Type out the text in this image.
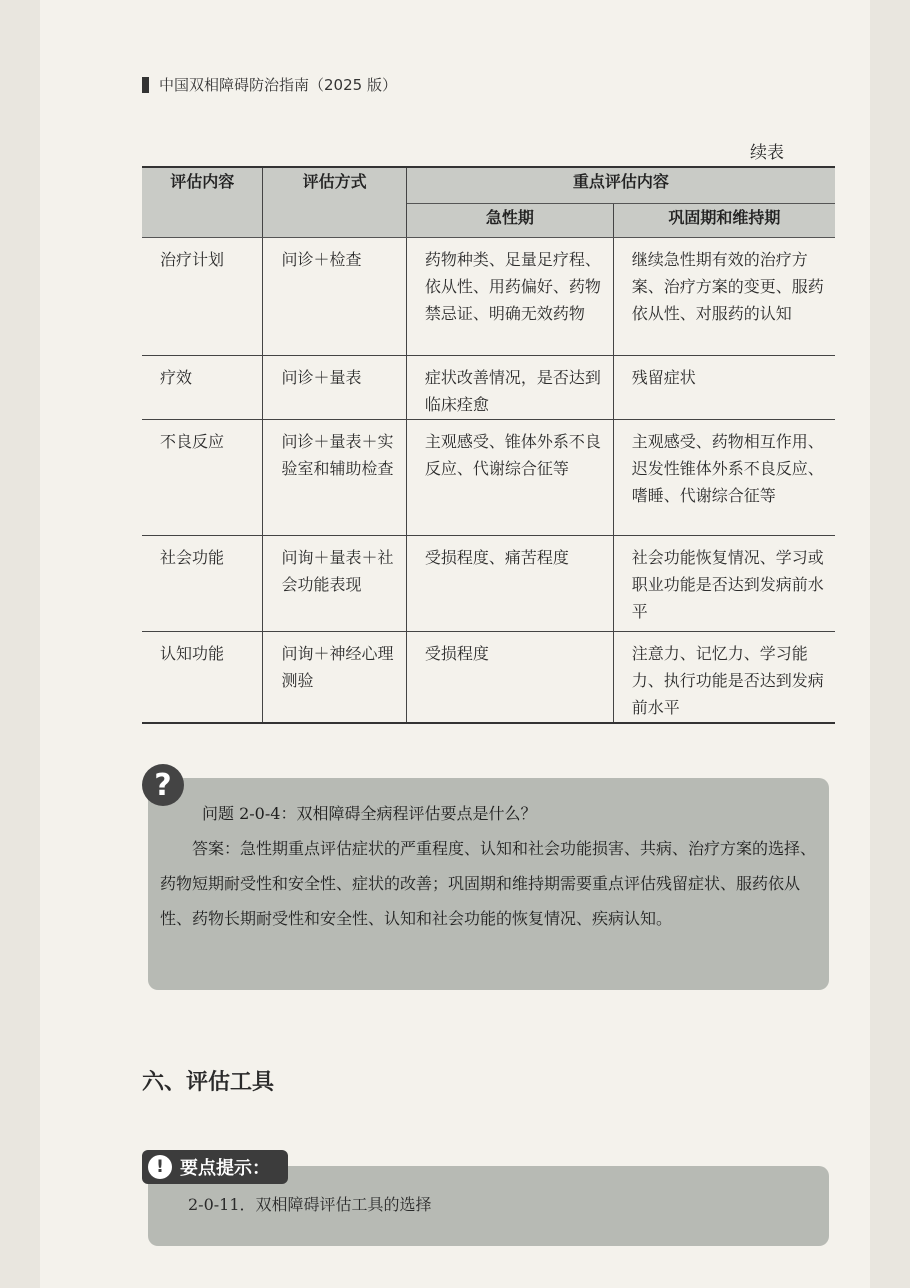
中国双相障碍防治指南（2025 版）
续表
评估内容	评估方式	重点评估内容	
		急性期	巩固期和维持期
治疗计划	问诊＋检查	药物种类、足量足疗程、依从性、用药偏好、药物禁忌证、明确无效药物	继续急性期有效的治疗方案、治疗方案的变更、服药依从性、对服药的认知
疗效	问诊＋量表	症状改善情况，是否达到临床痊愈	残留症状
不良反应	问诊＋量表＋实验室和辅助检查	主观感受、锥体外系不良反应、代谢综合征等	主观感受、药物相互作用、迟发性锥体外系不良反应、嗜睡、代谢综合征等
社会功能	问询＋量表＋社会功能表现	受损程度、痛苦程度	社会功能恢复情况、学习或职业功能是否达到发病前水平
认知功能	问询＋神经心理测验	受损程度	注意力、记忆力、学习能力、执行功能是否达到发病前水平
问题 2-0-4：双相障碍全病程评估要点是什么？
答案：急性期重点评估症状的严重程度、认知和社会功能损害、共病、治疗方案的选择、药物短期耐受性和安全性、症状的改善；巩固期和维持期需要重点评估残留症状、服药依从性、药物长期耐受性和安全性、认知和社会功能的恢复情况、疾病认知。
?
六、评估工具
2-0-11．双相障碍评估工具的选择
! 要点提示：
